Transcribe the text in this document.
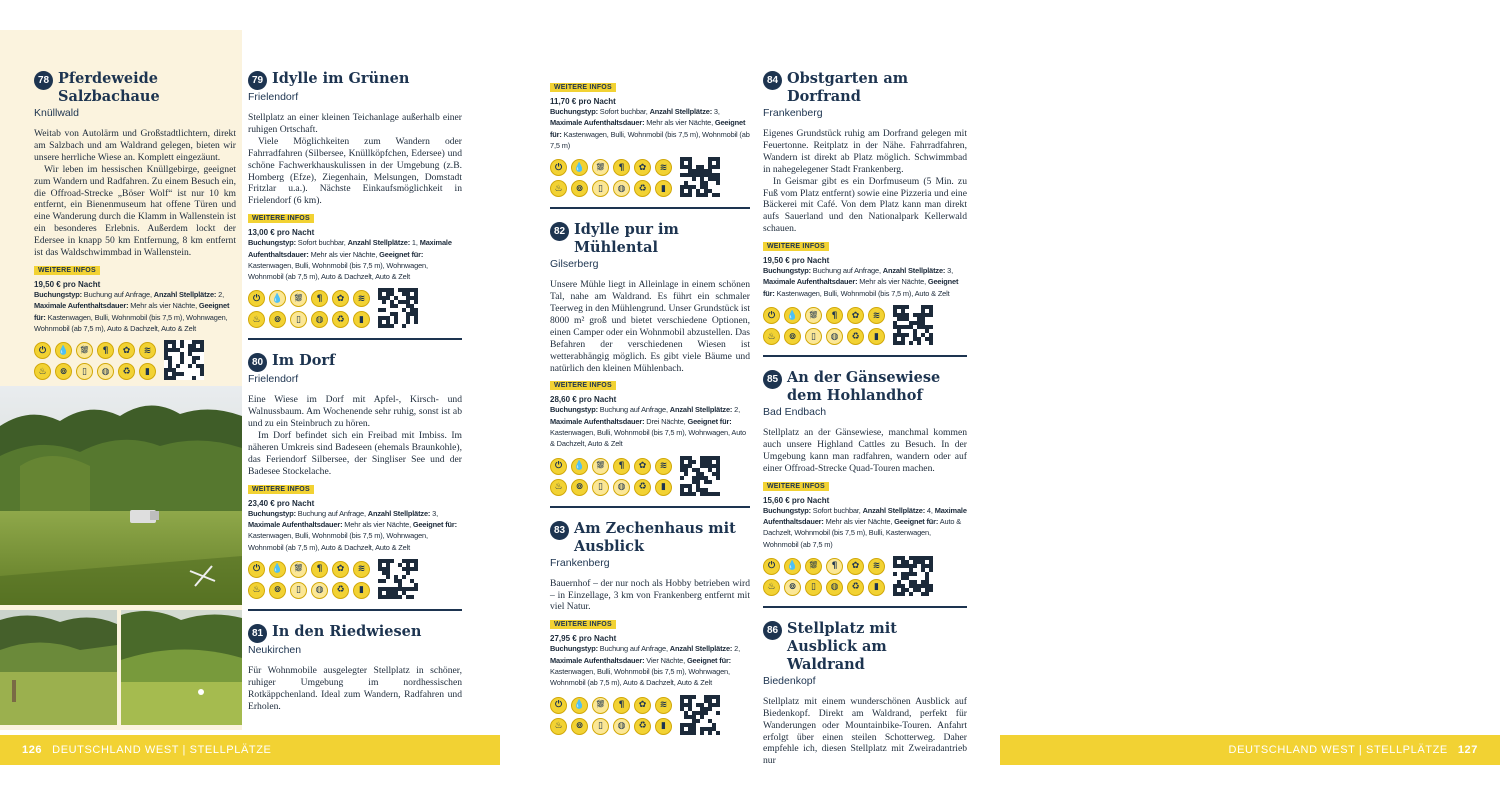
78 Pferdeweide Salzbachaue
Knüllwald

Weitab von Autolärm und Großstadtlichtern, direkt am Salzbach und am Waldrand gelegen, bieten wir unsere herrliche Wiese an. Komplett eingezäunt.

Wir leben im hessischen Knüllgebirge, geeignet zum Wandern und Radfahren. Zu einem Besuch ein, die Offroad-Strecke „Böser Wolf“ ist nur 10 km entfernt, ein Bienenmuseum hat offene Türen und eine Wanderung durch die Klamm in Wallenstein ist ein besonderes Erlebnis. Außerdem lockt der Edersee in knapp 50 km Entfernung, 8 km entfernt ist das Waldschwimmbad in Wallenstein.

WEITERE INFOS
19,50 € pro Nacht
Buchungstyp: Buchung auf Anfrage, Anzahl Stellplätze: 2, Maximale Aufenthaltsdauer: Mehr als vier Nächte, Geeignet für: Kastenwagen, Bulli, Wohnmobil (bis 7,5 m), Wohnwagen, Wohnmobil (ab 7,5 m), Auto & Dachzelt, Auto & Zelt
⏻	💧	⛆	¶	✿	≋
♨	⊚	▯	◍	♻	▮
79 Idylle im Grünen
Frielendorf

Stellplatz an einer kleinen Teichanlage außerhalb einer ruhigen Ortschaft.

Viele Möglichkeiten zum Wandern oder Fahrradfahren (Silbersee, Knüllköpfchen, Edersee) und schöne Fachwerkhauskulissen in der Umgebung (z.B. Homberg (Efze), Ziegenhain, Melsungen, Domstadt Fritzlar u.a.). Nächste Einkaufsmöglichkeit in Frielendorf (6 km).

WEITERE INFOS
13,00 € pro Nacht
Buchungstyp: Sofort buchbar, Anzahl Stellplätze: 1, Maximale Aufenthaltsdauer: Mehr als vier Nächte, Geeignet für: Kastenwagen, Bulli, Wohnmobil (bis 7,5 m), Wohnwagen, Wohnmobil (ab 7,5 m), Auto & Dachzelt, Auto & Zelt
⏻	💧	⛆	¶	✿	≋
♨	⊚	▯	◍	♻	▮
80 Im Dorf
Frielendorf

Eine Wiese im Dorf mit Apfel-, Kirsch- und Walnussbaum. Am Wochenende sehr ruhig, sonst ist ab und zu ein Steinbruch zu hören.

Im Dorf befindet sich ein Freibad mit Imbiss. Im näheren Umkreis sind Badeseen (ehemals Braunkohle), das Feriendorf Silbersee, der Singliser See und der Badesee Stockelache.

WEITERE INFOS
23,40 € pro Nacht
Buchungstyp: Buchung auf Anfrage, Anzahl Stellplätze: 3, Maximale Aufenthaltsdauer: Mehr als vier Nächte, Geeignet für: Kastenwagen, Bulli, Wohnmobil (bis 7,5 m), Wohnwagen, Wohnmobil (ab 7,5 m), Auto & Dachzelt, Auto & Zelt
⏻	💧	⛆	¶	✿	≋
♨	⊚	▯	◍	♻	▮
81 In den Riedwiesen
Neukirchen

Für Wohnmobile ausgelegter Stellplatz in schöner, ruhiger Umgebung im nordhessischen Rotkäppchenland. Ideal zum Wandern, Radfahren und Erholen.

126 DEUTSCHLAND WEST | STELLPLÄTZE
WEITERE INFOS
11,70 € pro Nacht
Buchungstyp: Sofort buchbar, Anzahl Stellplätze: 3, Maximale Aufenthaltsdauer: Mehr als vier Nächte, Geeignet für: Kastenwagen, Bulli, Wohnmobil (bis 7,5 m), Wohnmobil (ab 7,5 m)
⏻	💧	⛆	¶	✿	≋
♨	⊚	▯	◍	♻	▮
82 Idylle pur im Mühlental
Gilserberg

Unsere Mühle liegt in Alleinlage in einem schönen Tal, nahe am Waldrand. Es führt ein schmaler Teerweg in den Mühlengrund. Unser Grundstück ist 8000 m² groß und bietet verschiedene Optionen, einen Camper oder ein Wohnmobil abzustellen. Das Befahren der verschiedenen Wiesen ist wetterabhängig möglich. Es gibt viele Bäume und natürlich den kleinen Mühlenbach.

WEITERE INFOS
28,60 € pro Nacht
Buchungstyp: Buchung auf Anfrage, Anzahl Stellplätze: 2, Maximale Aufenthaltsdauer: Drei Nächte, Geeignet für: Kastenwagen, Bulli, Wohnmobil (bis 7,5 m), Wohnwagen, Auto & Dachzelt, Auto & Zelt
⏻	💧	⛆	¶	✿	≋
♨	⊚	▯	◍	♻	▮
83 Am Zechenhaus mit Ausblick
Frankenberg

Bauernhof – der nur noch als Hobby betrieben wird – in Einzellage, 3 km von Frankenberg entfernt mit viel Natur.

WEITERE INFOS
27,95 € pro Nacht
Buchungstyp: Buchung auf Anfrage, Anzahl Stellplätze: 2, Maximale Aufenthaltsdauer: Vier Nächte, Geeignet für: Kastenwagen, Bulli, Wohnmobil (bis 7,5 m), Wohnwagen, Wohnmobil (ab 7,5 m), Auto & Dachzelt, Auto & Zelt
⏻	💧	⛆	¶	✿	≋
♨	⊚	▯	◍	♻	▮
84 Obstgarten am Dorfrand
Frankenberg

Eigenes Grundstück ruhig am Dorfrand gelegen mit Feuertonne. Reitplatz in der Nähe. Fahrradfahren, Wandern ist direkt ab Platz möglich. Schwimmbad in nahegelegener Stadt Frankenberg.

In Geismar gibt es ein Dorfmuseum (5 Min. zu Fuß vom Platz entfernt) sowie eine Pizzeria und eine Bäckerei mit Café. Von dem Platz kann man direkt aufs Sauerland und den Nationalpark Kellerwald schauen.

WEITERE INFOS
19,50 € pro Nacht
Buchungstyp: Buchung auf Anfrage, Anzahl Stellplätze: 3, Maximale Aufenthaltsdauer: Mehr als vier Nächte, Geeignet für: Kastenwagen, Bulli, Wohnmobil (bis 7,5 m), Auto & Zelt
⏻	💧	⛆	¶	✿	≋
♨	⊚	▯	◍	♻	▮
85 An der Gänsewiese dem Hohlandhof
Bad Endbach

Stellplatz an der Gänsewiese, manchmal kommen auch unsere Highland Cattles zu Besuch. In der Umgebung kann man radfahren, wandern oder auf einer Offroad-Strecke Quad-Touren machen.

WEITERE INFOS
15,60 € pro Nacht
Buchungstyp: Sofort buchbar, Anzahl Stellplätze: 4, Maximale Aufenthaltsdauer: Mehr als vier Nächte, Geeignet für: Auto & Dachzelt, Wohnmobil (bis 7,5 m), Bulli, Kastenwagen, Wohnmobil (ab 7,5 m)
⏻	💧	⛆	¶	✿	≋
♨	⊚	▯	◍	♻	▮
86 Stellplatz mit Ausblick am Waldrand
Biedenkopf

Stellplatz mit einem wunderschönen Ausblick auf Biedenkopf. Direkt am Waldrand, perfekt für Wanderungen oder Mountainbike-Touren. Anfahrt erfolgt über einen steilen Schotterweg. Daher empfehle ich, diesen Stellplatz mit Zweiradantrieb nur

DEUTSCHLAND WEST | STELLPLÄTZE 127
